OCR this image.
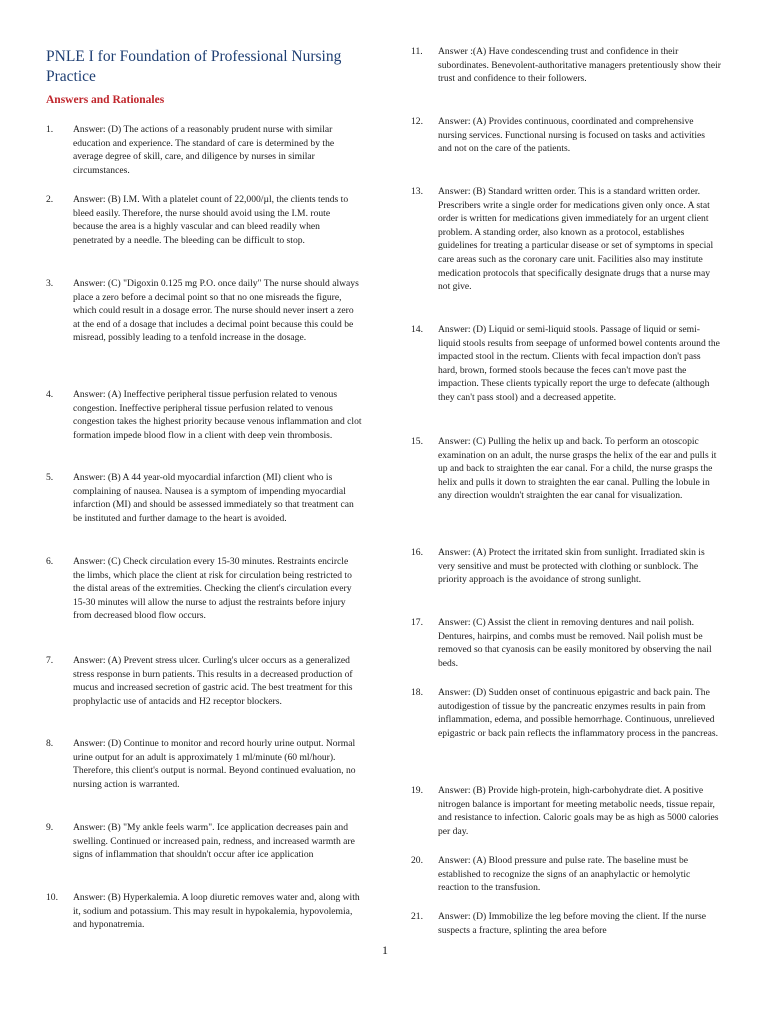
PNLE I for Foundation of Professional Nursing Practice
Answers and Rationales
1.	Answer: (D) The actions of a reasonably prudent nurse with similar education and experience. The standard of care is determined by the average degree of skill, care, and diligence by nurses in similar circumstances.
2.	Answer: (B) I.M. With a platelet count of 22,000/µl, the clients tends to bleed easily. Therefore, the nurse should avoid using the I.M. route because the area is a highly vascular and can bleed readily when penetrated by a needle. The bleeding can be difficult to stop.
3.	Answer: (C) "Digoxin 0.125 mg P.O. once daily" The nurse should always place a zero before a decimal point so that no one misreads the figure, which could result in a dosage error. The nurse should never insert a zero at the end of a dosage that includes a decimal point because this could be misread, possibly leading to a tenfold increase in the dosage.
4.	Answer: (A) Ineffective peripheral tissue perfusion related to venous congestion. Ineffective peripheral tissue perfusion related to venous congestion takes the highest priority because venous inflammation and clot formation impede blood flow in a client with deep vein thrombosis.
5.	Answer: (B) A 44 year-old myocardial infarction (MI) client who is complaining of nausea. Nausea is a symptom of impending myocardial infarction (MI) and should be assessed immediately so that treatment can be instituted and further damage to the heart is avoided.
6.	Answer: (C) Check circulation every 15-30 minutes. Restraints encircle the limbs, which place the client at risk for circulation being restricted to the distal areas of the extremities. Checking the client's circulation every 15-30 minutes will allow the nurse to adjust the restraints before injury from decreased blood flow occurs.
7.	Answer: (A) Prevent stress ulcer. Curling's ulcer occurs as a generalized stress response in burn patients. This results in a decreased production of mucus and increased secretion of gastric acid. The best treatment for this prophylactic use of antacids and H2 receptor blockers.
8.	Answer: (D) Continue to monitor and record hourly urine output. Normal urine output for an adult is approximately 1 ml/minute (60 ml/hour). Therefore, this client's output is normal. Beyond continued evaluation, no nursing action is warranted.
9.	Answer: (B) "My ankle feels warm". Ice application decreases pain and swelling. Continued or increased pain, redness, and increased warmth are signs of inflammation that shouldn't occur after ice application
10.	Answer: (B) Hyperkalemia. A loop diuretic removes water and, along with it, sodium and potassium. This may result in hypokalemia, hypovolemia, and hyponatremia.
11.	Answer :(A) Have condescending trust and confidence in their subordinates. Benevolent-authoritative managers pretentiously show their trust and confidence to their followers.
12.	Answer: (A) Provides continuous, coordinated and comprehensive nursing services. Functional nursing is focused on tasks and activities and not on the care of the patients.
13.	Answer: (B) Standard written order. This is a standard written order. Prescribers write a single order for medications given only once. A stat order is written for medications given immediately for an urgent client problem. A standing order, also known as a protocol, establishes guidelines for treating a particular disease or set of symptoms in special care areas such as the coronary care unit. Facilities also may institute medication protocols that specifically designate drugs that a nurse may not give.
14.	Answer: (D) Liquid or semi-liquid stools. Passage of liquid or semi-liquid stools results from seepage of unformed bowel contents around the impacted stool in the rectum. Clients with fecal impaction don't pass hard, brown, formed stools because the feces can't move past the impaction. These clients typically report the urge to defecate (although they can't pass stool) and a decreased appetite.
15.	Answer: (C) Pulling the helix up and back. To perform an otoscopic examination on an adult, the nurse grasps the helix of the ear and pulls it up and back to straighten the ear canal. For a child, the nurse grasps the helix and pulls it down to straighten the ear canal. Pulling the lobule in any direction wouldn't straighten the ear canal for visualization.
16.	Answer: (A) Protect the irritated skin from sunlight. Irradiated skin is very sensitive and must be protected with clothing or sunblock. The priority approach is the avoidance of strong sunlight.
17.	Answer: (C) Assist the client in removing dentures and nail polish. Dentures, hairpins, and combs must be removed. Nail polish must be removed so that cyanosis can be easily monitored by observing the nail beds.
18.	Answer: (D) Sudden onset of continuous epigastric and back pain. The autodigestion of tissue by the pancreatic enzymes results in pain from inflammation, edema, and possible hemorrhage. Continuous, unrelieved epigastric or back pain reflects the inflammatory process in the pancreas.
19.	Answer: (B) Provide high-protein, high-carbohydrate diet. A positive nitrogen balance is important for meeting metabolic needs, tissue repair, and resistance to infection. Caloric goals may be as high as 5000 calories per day.
20.	Answer: (A) Blood pressure and pulse rate. The baseline must be established to recognize the signs of an anaphylactic or hemolytic reaction to the transfusion.
21.	Answer: (D) Immobilize the leg before moving the client. If the nurse suspects a fracture, splinting the area before
1
